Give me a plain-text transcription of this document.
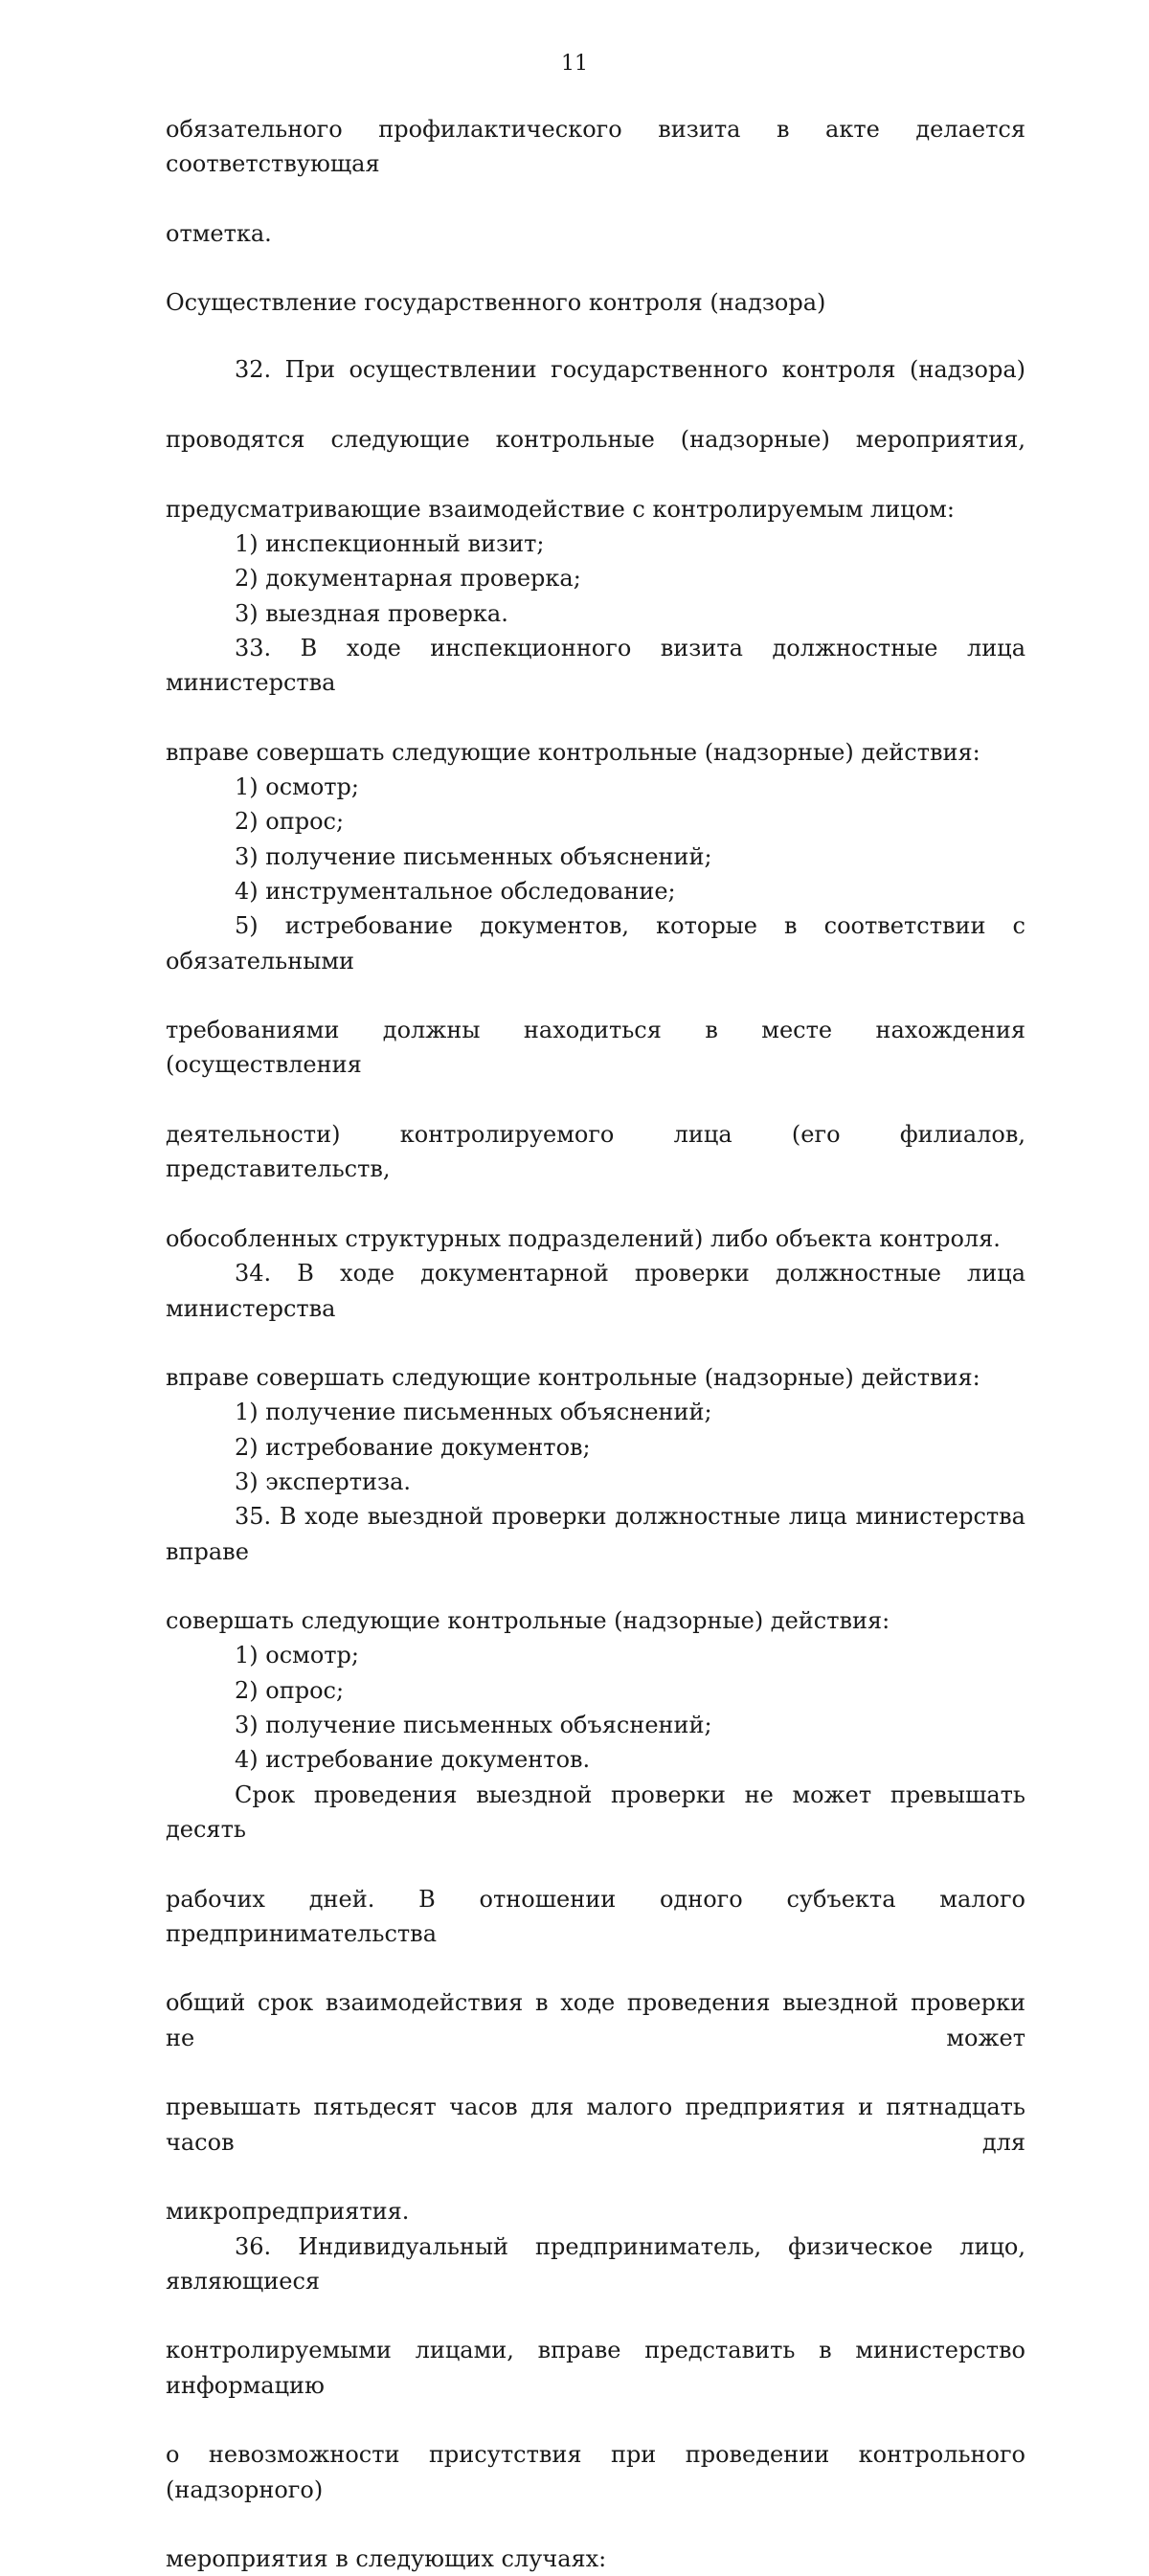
11

обязательного профилактического визита в акте делается соответствующая

отметка.

Осуществление государственного контроля (надзора)

32. При осуществлении государственного контроля (надзора)

проводятся следующие контрольные (надзорные) мероприятия,

предусматривающие взаимодействие с контролируемым лицом:

1) инспекционный визит;

2) документарная проверка;

3) выездная проверка.

33. В ходе инспекционного визита должностные лица министерства

вправе совершать следующие контрольные (надзорные) действия:

1) осмотр;

2) опрос;

3) получение письменных объяснений;

4) инструментальное обследование;

5) истребование документов, которые в соответствии с обязательными

требованиями должны находиться в месте нахождения (осуществления

деятельности) контролируемого лица (его филиалов, представительств,

обособленных структурных подразделений) либо объекта контроля.

34. В ходе документарной проверки должностные лица министерства

вправе совершать следующие контрольные (надзорные) действия:

1) получение письменных объяснений;

2) истребование документов;

3) экспертиза.

35. В ходе выездной проверки должностные лица министерства вправе

совершать следующие контрольные (надзорные) действия:

1) осмотр;

2) опрос;

3) получение письменных объяснений;

4) истребование документов.

Срок проведения выездной проверки не может превышать десять

рабочих дней. В отношении одного субъекта малого предпринимательства

общий срок взаимодействия в ходе проведения выездной проверки не может

превышать пятьдесят часов для малого предприятия и пятнадцать часов для

микропредприятия.

36. Индивидуальный предприниматель, физическое лицо, являющиеся

контролируемыми лицами, вправе представить в министерство информацию

о невозможности присутствия при проведении контрольного (надзорного)

мероприятия в следующих случаях:
